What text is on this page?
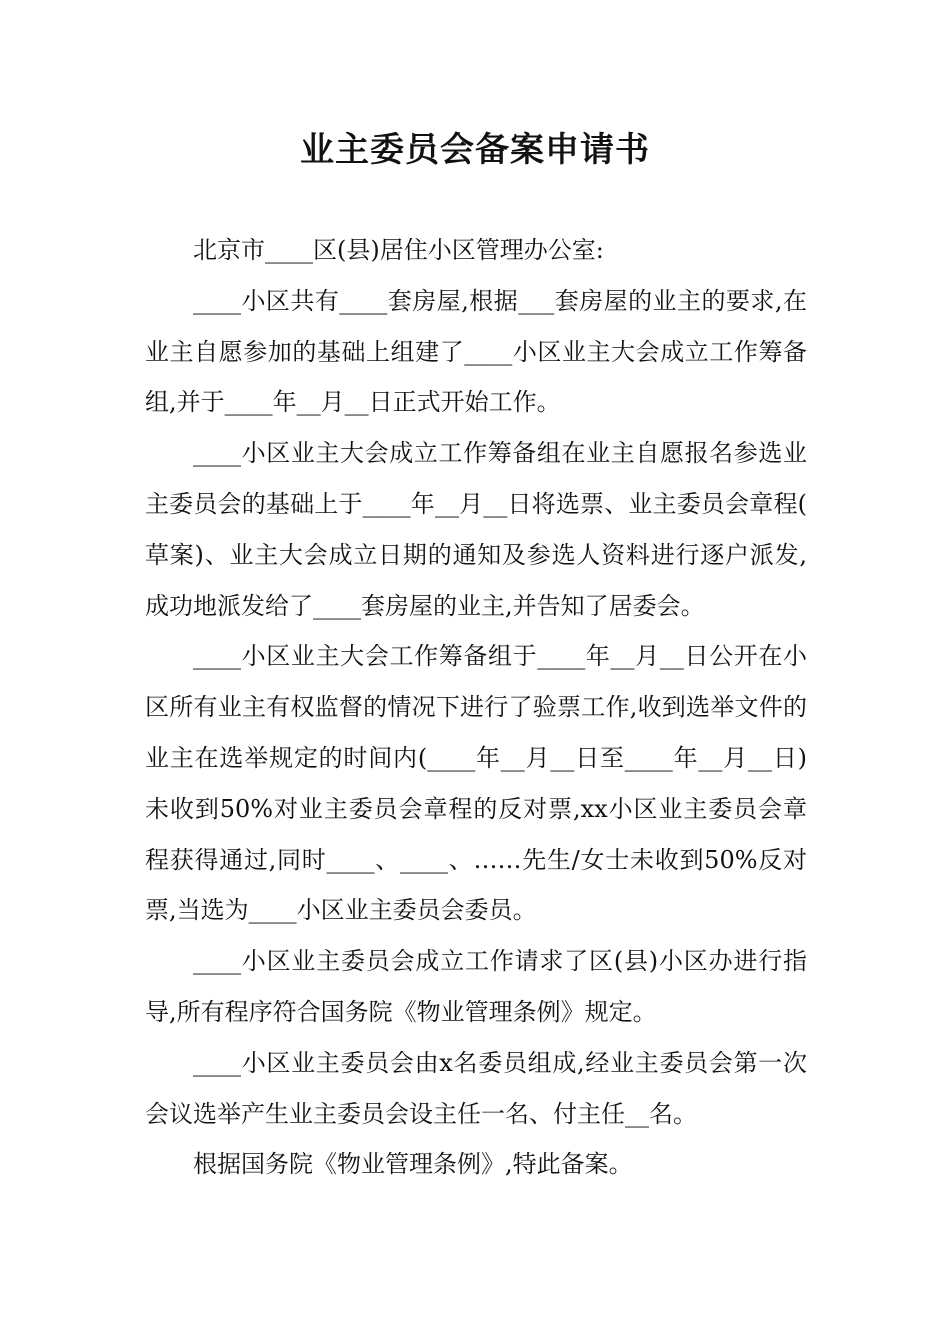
业主委员会备案申请书

北京市____区(县)居住小区管理办公室:

____小区共有____套房屋,根据___套房屋的业主的要求,在业主自愿参加的基础上组建了____小区业主大会成立工作筹备组,并于____年__月__日正式开始工作。

____小区业主大会成立工作筹备组在业主自愿报名参选业主委员会的基础上于____年__月__日将选票、业主委员会章程(草案)、业主大会成立日期的通知及参选人资料进行逐户派发,成功地派发给了____套房屋的业主,并告知了居委会。

____小区业主大会工作筹备组于____年__月__日公开在小区所有业主有权监督的情况下进行了验票工作,收到选举文件的业主在选举规定的时间内(____年__月__日至____年__月__日)未收到50%对业主委员会章程的反对票,xx小区业主委员会章程获得通过,同时____、____、……先生/女士未收到50%反对票,当选为____小区业主委员会委员。

____小区业主委员会成立工作请求了区(县)小区办进行指导,所有程序符合国务院《物业管理条例》规定。

____小区业主委员会由x名委员组成,经业主委员会第一次会议选举产生业主委员会设主任一名、付主任__名。

根据国务院《物业管理条例》,特此备案。
